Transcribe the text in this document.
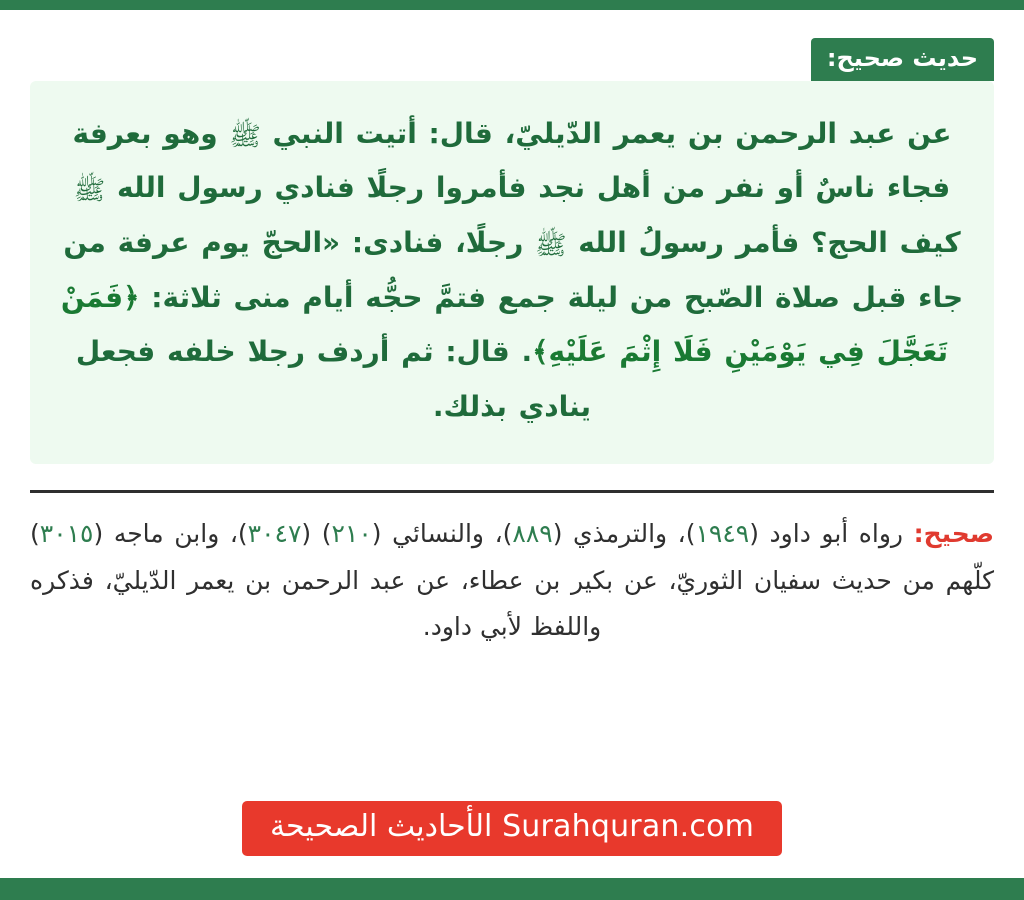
حديث صحيح:
عن عبد الرحمن بن يعمر الدّيليّ، قال: أتيت النبي ﷺ وهو بعرفة فجاء ناسٌ أو نفر من أهل نجد فأمروا رجلًا فنادي رسول الله ﷺ كيف الحج؟ فأمر رسولُ الله ﷺ رجلًا، فنادى: «الحجّ يوم عرفة من جاء قبل صلاة الصّبح من ليلة جمع فتمَّ حجُّه أيام منى ثلاثة: ﴿فَمَنْ تَعَجَّلَ فِي يَوْمَيْنِ فَلَا إِثْمَ عَلَيْهِ﴾. قال: ثم أردف رجلا خلفه فجعل ينادي بذلك.
صحيح: رواه أبو داود (١٩٤٩)، والترمذي (٨٨٩)، والنسائي (٢١٠) (٣٠٤٧)، وابن ماجه (٣٠١٥) كلّهم من حديث سفيان الثوريّ، عن بكير بن عطاء، عن عبد الرحمن بن يعمر الدّيليّ، فذكره واللفظ لأبي داود.
Surahquran.com الأحاديث الصحيحة
